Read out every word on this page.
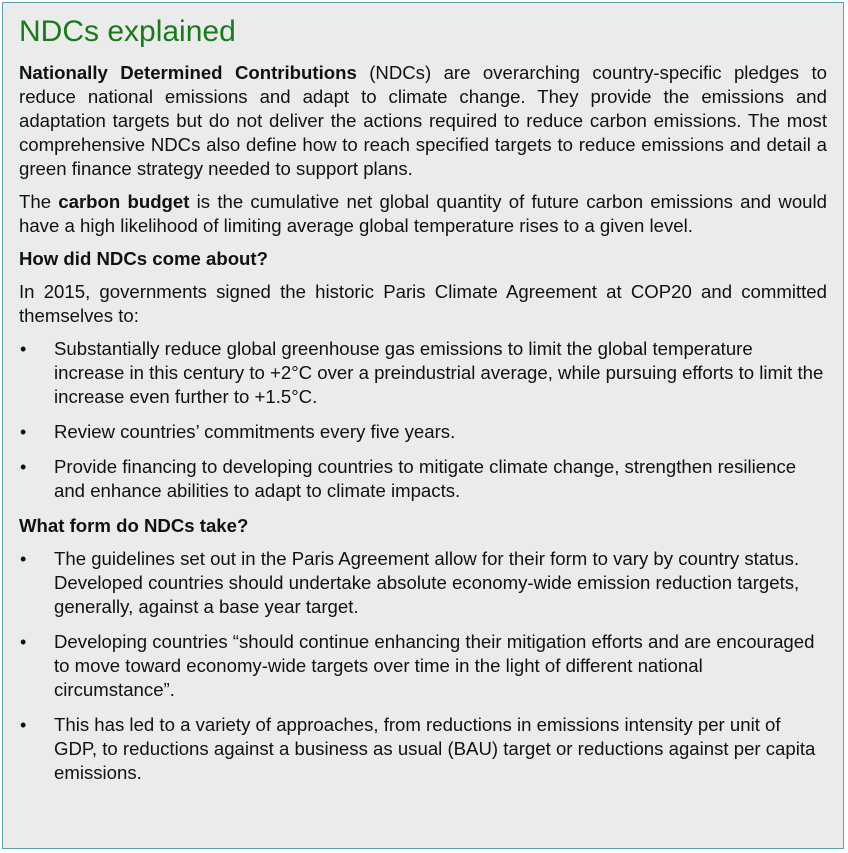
NDCs explained

Nationally Determined Contributions (NDCs) are overarching country-specific pledges to reduce national emissions and adapt to climate change. They provide the emissions and adaptation targets but do not deliver the actions required to reduce carbon emissions. The most comprehensive NDCs also define how to reach specified targets to reduce emissions and detail a green finance strategy needed to support plans.

The carbon budget is the cumulative net global quantity of future carbon emissions and would have a high likelihood of limiting average global temperature rises to a given level.

How did NDCs come about?

In 2015, governments signed the historic Paris Climate Agreement at COP20 and committed themselves to:

• Substantially reduce global greenhouse gas emissions to limit the global temperature increase in this century to +2°C over a preindustrial average, while pursuing efforts to limit the increase even further to +1.5°C.
• Review countries’ commitments every five years.
• Provide financing to developing countries to mitigate climate change, strengthen resilience and enhance abilities to adapt to climate impacts.
What form do NDCs take?
• The guidelines set out in the Paris Agreement allow for their form to vary by country status. Developed countries should undertake absolute economy-wide emission reduction targets, generally, against a base year target.
• Developing countries “should continue enhancing their mitigation efforts and are encouraged to move toward economy-wide targets over time in the light of different national circumstance”.
• This has led to a variety of approaches, from reductions in emissions intensity per unit of GDP, to reductions against a business as usual (BAU) target or reductions against per capita emissions.
